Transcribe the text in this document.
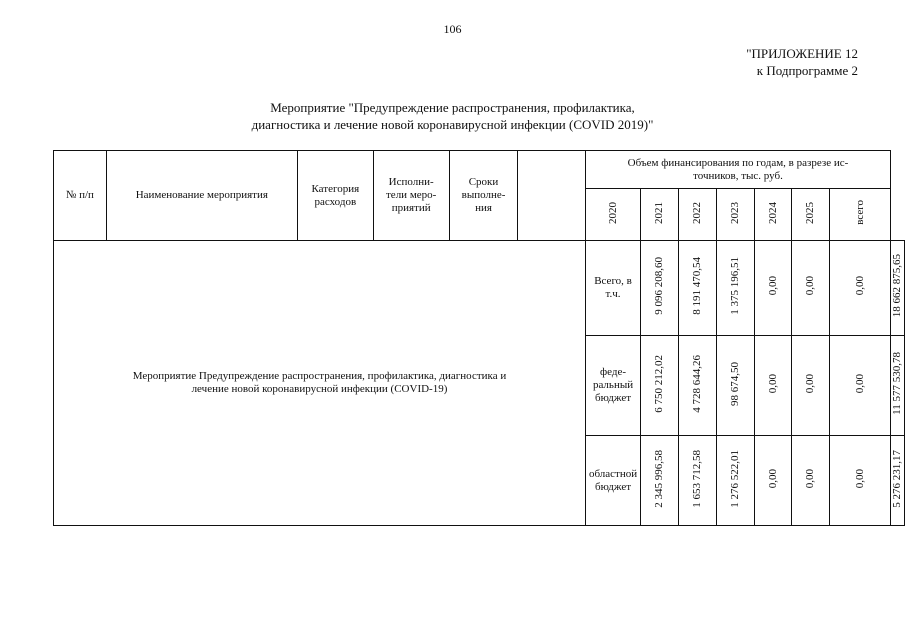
106
"ПРИЛОЖЕНИЕ 12
к Подпрограмме 2
Мероприятие "Предупреждение распространения, профилактика,
диагностика и лечение новой коронавирусной инфекции (COVID 2019)"
№ п/п	Наименование мероприятия	Категория расходов	Исполни-
тели меро-
приятий	Сроки
выполне-
ния		Объем финансирования по годам, в разрезе ис-
точников, тыс. руб.							

						2020	2021	2022	2023	2024	2025	всего	

Мероприятие Предупреждение распространения, профилактика, диагностика и
лечение новой коронавирусной инфекции (COVID-19)						Всего, в
т.ч.	9 096 208,60	8 191 470,54	1 375 196,51	0,00	0,00	0,00	18 662 875,65

						феде-
ральный
бюджет	6 750 212,02	4 728 644,26	98 674,50	0,00	0,00	0,00	11 577 530,78

						областной
бюджет	2 345 996,58	1 653 712,58	1 276 522,01	0,00	0,00	0,00	5 276 231,17
